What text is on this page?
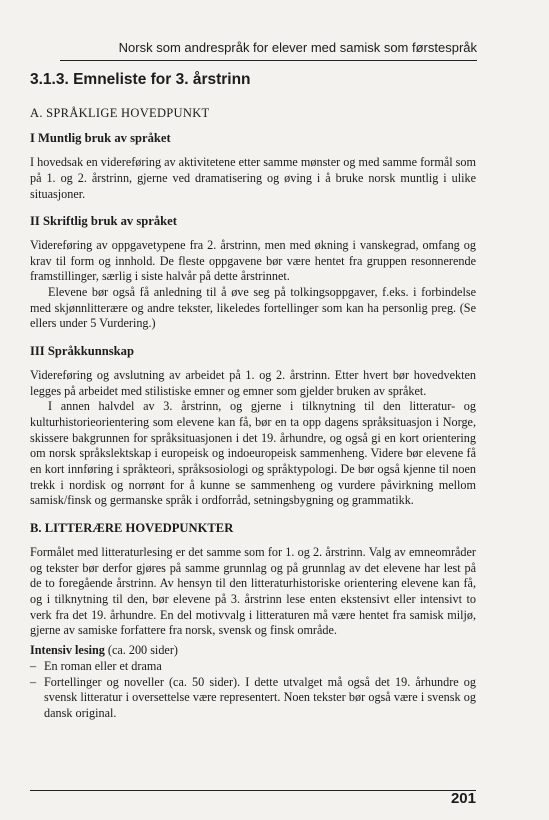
Norsk som andrespråk for elever med samisk som førstespråk
3.1.3. Emneliste for 3. årstrinn
A. SPRÅKLIGE HOVEDPUNKT
I Muntlig bruk av språket

I hovedsak en videreføring av aktivitetene etter samme mønster og med samme formål som på 1. og 2. årstrinn, gjerne ved dramatisering og øving i å bruke norsk muntlig i ulike situasjoner.

II Skriftlig bruk av språket

Videreføring av oppgavetypene fra 2. årstrinn, men med økning i vanskegrad, omfang og krav til form og innhold. De fleste oppgavene bør være hentet fra gruppen resonnerende framstillinger, særlig i siste halvår på dette årstrinnet.

Elevene bør også få anledning til å øve seg på tolkingsoppgaver, f.eks. i forbindelse med skjønnlitterære og andre tekster, likeledes fortellinger som kan ha personlig preg. (Se ellers under 5 Vurdering.)

III Språkkunnskap

Videreføring og avslutning av arbeidet på 1. og 2. årstrinn. Etter hvert bør hovedvekten legges på arbeidet med stilistiske emner og emner som gjelder bruken av språket.

I annen halvdel av 3. årstrinn, og gjerne i tilknytning til den litteratur- og kulturhistorieorientering som elevene kan få, bør en ta opp dagens språksituasjon i Norge, skissere bakgrunnen for språksituasjonen i det 19. århundre, og også gi en kort orientering om norsk språkslektskap i europeisk og indoeuropeisk sammenheng. Videre bør elevene få en kort innføring i språkteori, språksosiologi og språktypologi. De bør også kjenne til noen trekk i nordisk og norrønt for å kunne se sammenheng og vurdere påvirkning mellom samisk/finsk og germanske språk i ordforråd, setningsbygning og grammatikk.

B. LITTERÆRE HOVEDPUNKTER

Formålet med litteraturlesing er det samme som for 1. og 2. årstrinn. Valg av emneområder og tekster bør derfor gjøres på samme grunnlag og på grunnlag av det elevene har lest på de to foregående årstrinn. Av hensyn til den litteraturhistoriske orientering elevene kan få, og i tilknytning til den, bør elevene på 3. årstrinn lese enten ekstensivt eller intensivt to verk fra det 19. århundre. En del motivvalg i litteraturen må være hentet fra samisk miljø, gjerne av samiske forfattere fra norsk, svensk og finsk område.

Intensiv lesing (ca. 200 sider)

– En roman eller et drama
– Fortellinger og noveller (ca. 50 sider). I dette utvalget må også det 19. århundre og svensk litteratur i oversettelse være representert. Noen tekster bør også være i svensk og dansk original.
201
